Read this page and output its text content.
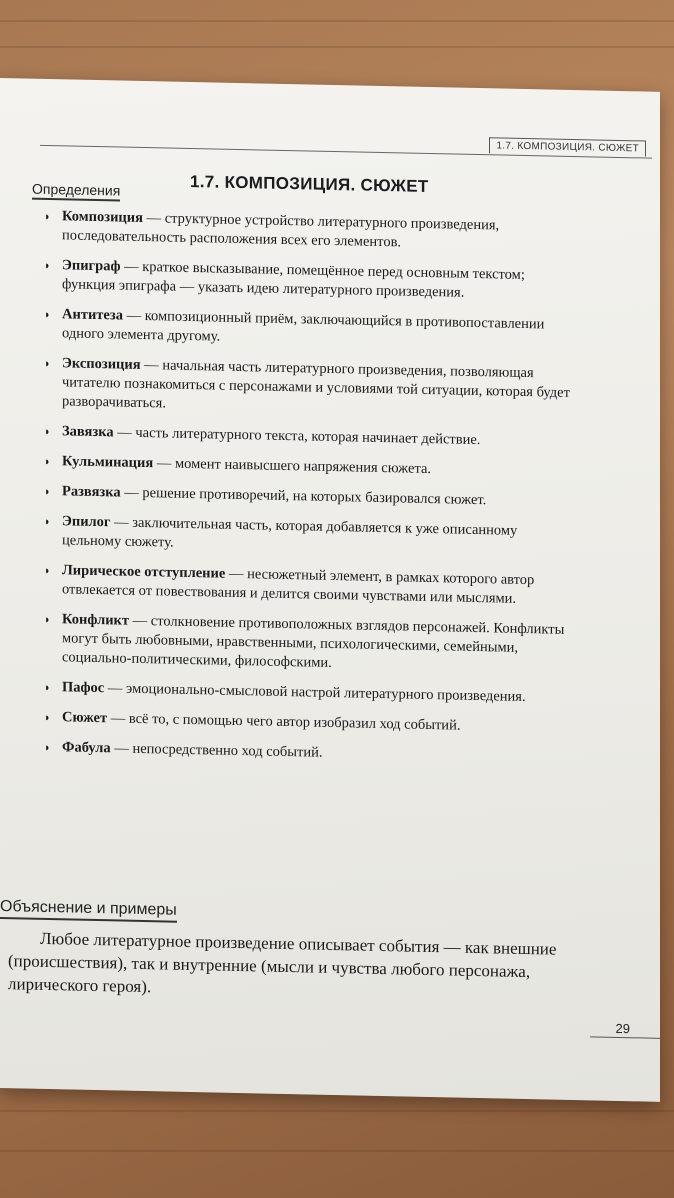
1.7. КОМПОЗИЦИЯ. СЮЖЕТ
1.7. КОМПОЗИЦИЯ. СЮЖЕТ
Определения
◗ Композиция — структурное устройство литературного произведения, последовательность расположения всех его элементов.
◗ Эпиграф — краткое высказывание, помещённое перед основным текстом; функция эпиграфа — указать идею литературного произведения.
◗ Антитеза — композиционный приём, заключающийся в противопоставлении одного элемента другому.
◗ Экспозиция — начальная часть литературного произведения, позволяющая читателю познакомиться с персонажами и условиями той ситуации, которая будет разворачиваться.
◗ Завязка — часть литературного текста, которая начинает действие.
◗ Кульминация — момент наивысшего напряжения сюжета.
◗ Развязка — решение противоречий, на которых базировался сюжет.
◗ Эпилог — заключительная часть, которая добавляется к уже описанному цельному сюжету.
◗ Лирическое отступление — несюжетный элемент, в рамках которого автор отвлекается от повествования и делится своими чувствами или мыслями.
◗ Конфликт — столкновение противоположных взглядов персонажей. Конфликты могут быть любовными, нравственными, психологическими, семейными, социально-политическими, философскими.
◗ Пафос — эмоционально-смысловой настрой литературного произведения.
◗ Сюжет — всё то, с помощью чего автор изобразил ход событий.
◗ Фабула — непосредственно ход событий.
Объяснение и примеры
Любое литературное произведение описывает события — как внешние (происшествия), так и внутренние (мысли и чувства любого персонажа, лирического героя).
29
